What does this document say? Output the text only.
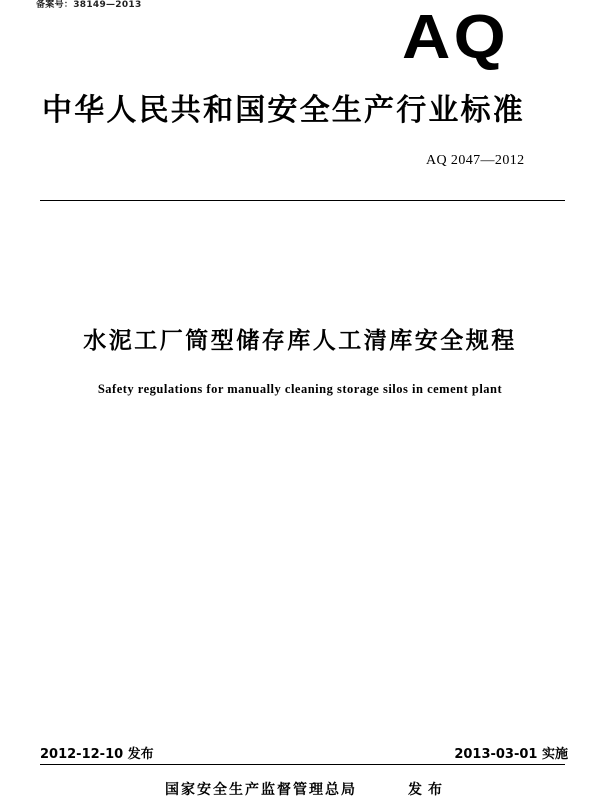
备案号：38149—2013	AQ
中华人民共和国安全生产行业标准
AQ 2047—2012
水泥工厂筒型储存库人工清库安全规程
Safety regulations for manually cleaning storage silos in cement plant
2012-12-10 发布	2013-03-01 实施
国家安全生产监督管理总局	发布
